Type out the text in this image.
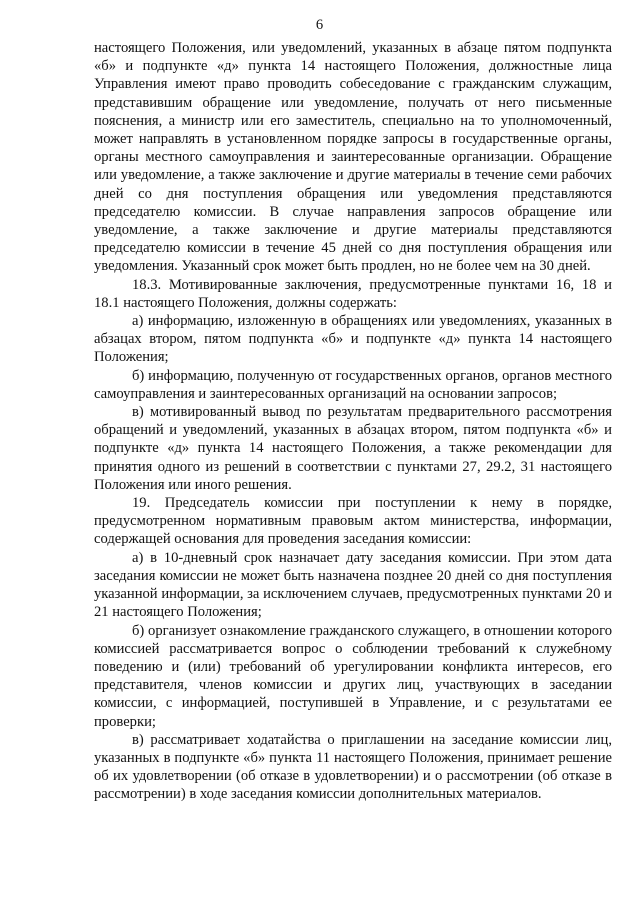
6

настоящего Положения, или уведомлений, указанных в абзаце пятом подпункта «б» и подпункте «д» пункта 14 настоящего Положения, должностные лица Управления имеют право проводить собеседование с гражданским служащим, представившим обращение или уведомление, получать от него письменные пояснения, а министр или его заместитель, специально на то уполномоченный, может направлять в установленном порядке запросы в государственные органы, органы местного самоуправления и заинтересованные организации. Обращение или уведомление, а также заключение и другие материалы в течение семи рабочих дней со дня поступления обращения или уведомления представляются председателю комиссии. В случае направления запросов обращение или уведомление, а также заключение и другие материалы представляются председателю комиссии в течение 45 дней со дня поступления обращения или уведомления. Указанный срок может быть продлен, но не более чем на 30 дней.

18.3. Мотивированные заключения, предусмотренные пунктами 16, 18 и 18.1 настоящего Положения, должны содержать:

а) информацию, изложенную в обращениях или уведомлениях, указанных в абзацах втором, пятом подпункта «б» и подпункте «д» пункта 14 настоящего Положения;

б) информацию, полученную от государственных органов, органов местного самоуправления и заинтересованных организаций на основании запросов;

в) мотивированный вывод по результатам предварительного рассмотрения обращений и уведомлений, указанных в абзацах втором, пятом подпункта «б» и подпункте «д» пункта 14 настоящего Положения, а также рекомендации для принятия одного из решений в соответствии с пунктами 27, 29.2, 31 настоящего Положения или иного решения.

19. Председатель комиссии при поступлении к нему в порядке, предусмотренном нормативным правовым актом министерства, информации, содержащей основания для проведения заседания комиссии:

а) в 10-дневный срок назначает дату заседания комиссии. При этом дата заседания комиссии не может быть назначена позднее 20 дней со дня поступления указанной информации, за исключением случаев, предусмотренных пунктами 20 и 21 настоящего Положения;

б) организует ознакомление гражданского служащего, в отношении которого комиссией рассматривается вопрос о соблюдении требований к служебному поведению и (или) требований об урегулировании конфликта интересов, его представителя, членов комиссии и других лиц, участвующих в заседании комиссии, с информацией, поступившей в Управление, и с результатами ее проверки;

в) рассматривает ходатайства о приглашении на заседание комиссии лиц, указанных в подпункте «б» пункта 11 настоящего Положения, принимает решение об их удовлетворении (об отказе в удовлетворении) и о рассмотрении (об отказе в рассмотрении) в ходе заседания комиссии дополнительных материалов.
